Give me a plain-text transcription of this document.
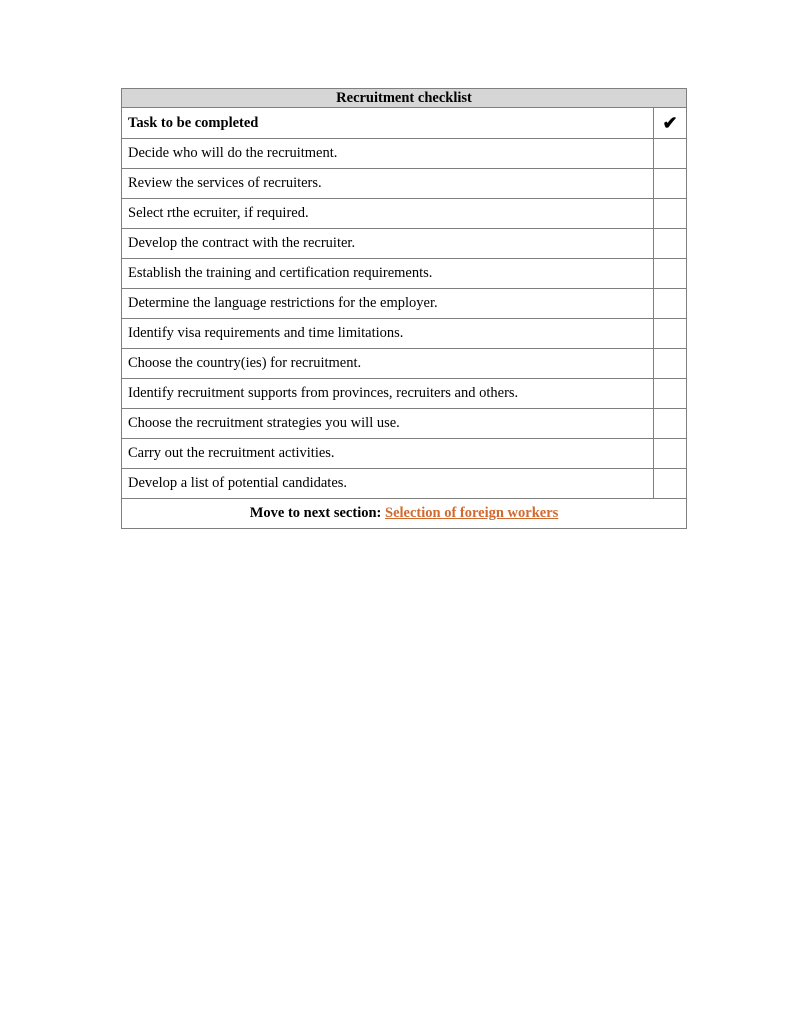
Recruitment checklist	
Task to be completed	✔
Decide who will do the recruitment.	
Review the services of recruiters.	
Select rthe ecruiter, if required.	
Develop the contract with the recruiter.	
Establish the training and certification requirements.	
Determine the language restrictions for the employer.	
Identify visa requirements and time limitations.	
Choose the country(ies) for recruitment.	
Identify recruitment supports from provinces, recruiters and others.	
Choose the recruitment strategies you will use.	
Carry out the recruitment activities.	
Develop a list of potential candidates.	
Move to next section: Selection of foreign workers	
